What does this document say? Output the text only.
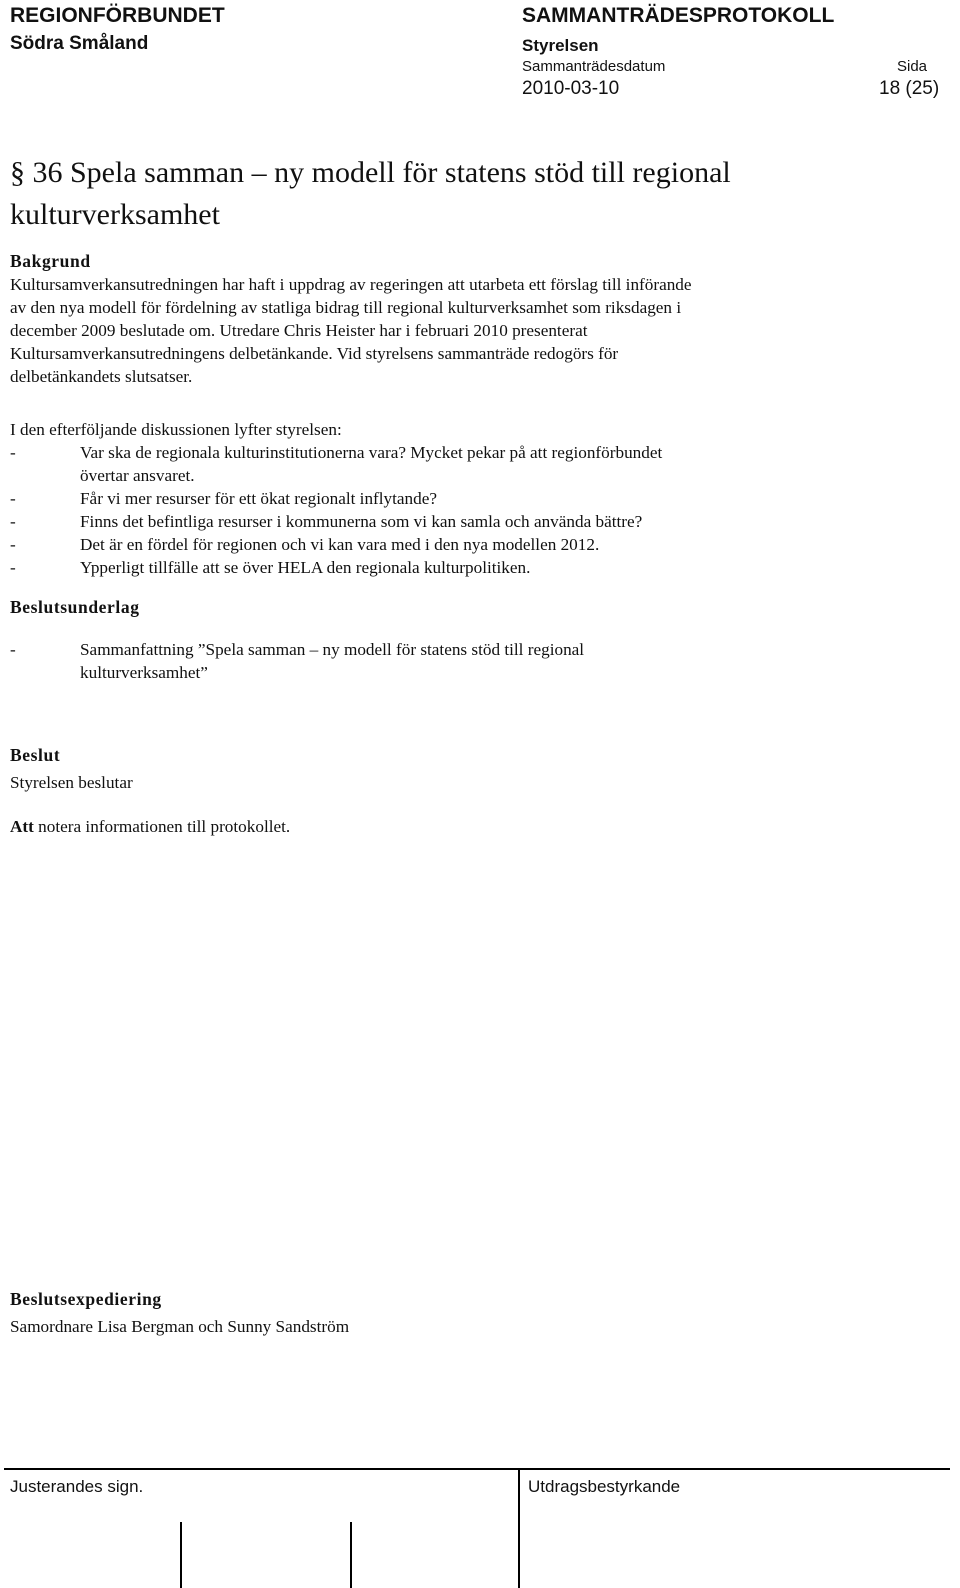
REGIONFÖRBUNDET
Södra Småland
SAMMANTRÄDESPROTOKOLL
Styrelsen
Sammanträdesdatum
2010-03-10
Sida
18 (25)
§ 36 Spela samman – ny modell för statens stöd till regional
kulturverksamhet
Bakgrund
Kultursamverkansutredningen har haft i uppdrag av regeringen att utarbeta ett förslag till införande
av den nya modell för fördelning av statliga bidrag till regional kulturverksamhet som riksdagen i
december 2009 beslutade om. Utredare Chris Heister har i februari 2010 presenterat
Kultursamverkansutredningens delbetänkande. Vid styrelsens sammanträde redogörs för
delbetänkandets slutsatser.
I den efterföljande diskussionen lyfter styrelsen:
-	Var ska de regionala kulturinstitutionerna vara? Mycket pekar på att regionförbundet
övertar ansvaret.
-	Får vi mer resurser för ett ökat regionalt inflytande?
-	Finns det befintliga resurser i kommunerna som vi kan samla och använda bättre?
-	Det är en fördel för regionen och vi kan vara med i den nya modellen 2012.
-	Ypperligt tillfälle att se över HELA den regionala kulturpolitiken.
Beslutsunderlag
-	Sammanfattning ”Spela samman – ny modell för statens stöd till regional
kulturverksamhet”
Beslut
Styrelsen beslutar
Att notera informationen till protokollet.
Beslutsexpediering
Samordnare Lisa Bergman och Sunny Sandström
Justerandes sign.	Utdragsbestyrkande
